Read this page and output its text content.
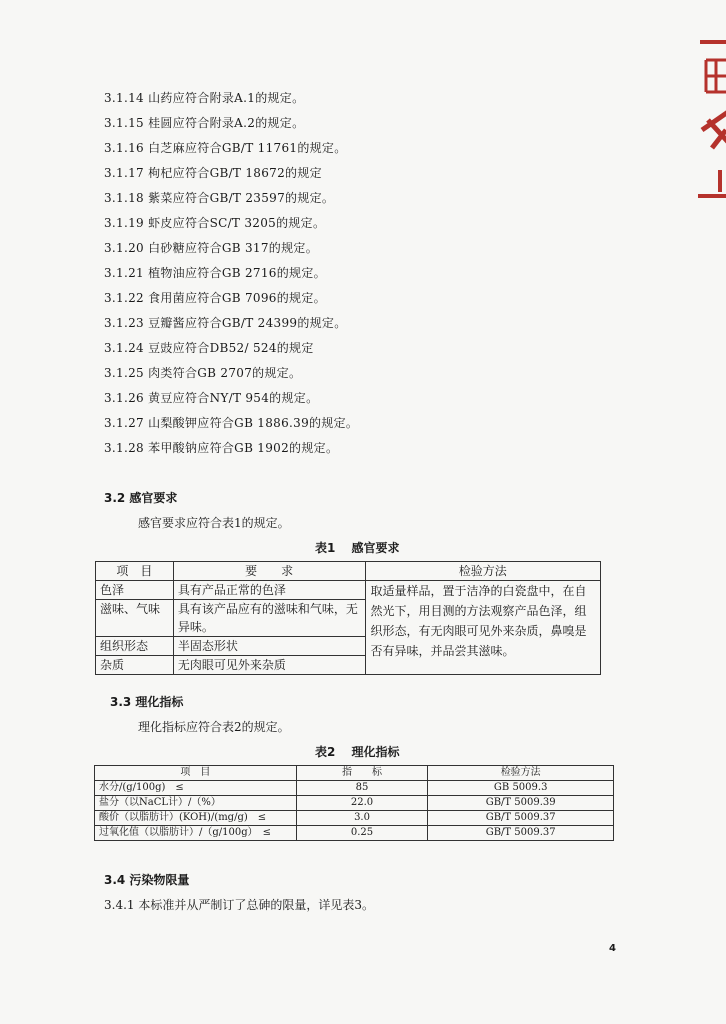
3.1.14 山药应符合附录A.1的规定。
3.1.15 桂圆应符合附录A.2的规定。
3.1.16 白芝麻应符合GB/T 11761的规定。
3.1.17 枸杞应符合GB/T 18672的规定
3.1.18 紫菜应符合GB/T 23597的规定。
3.1.19 虾皮应符合SC/T 3205的规定。
3.1.20 白砂糖应符合GB 317的规定。
3.1.21 植物油应符合GB 2716的规定。
3.1.22 食用菌应符合GB 7096的规定。
3.1.23 豆瓣酱应符合GB/T 24399的规定。
3.1.24 豆豉应符合DB52/ 524的规定
3.1.25 肉类符合GB 2707的规定。
3.1.26 黄豆应符合NY/T 954的规定。
3.1.27 山梨酸钾应符合GB 1886.39的规定。
3.1.28 苯甲酸钠应符合GB 1902的规定。
3.2 感官要求
感官要求应符合表1的规定。
表1　 感官要求
项　目	要　　求	检验方法
色泽	具有产品正常的色泽	取适量样品，置于洁净的白瓷盘中，在自然光下，用目测的方法观察产品色泽，组织形态，有无肉眼可见外来杂质，鼻嗅是否有异味，并品尝其滋味。
滋味、气味	具有该产品应有的滋味和气味，无异味。	
组织形态	半固态形状	
杂质	无肉眼可见外来杂质	
3.3 理化指标
理化指标应符合表2的规定。
表2　 理化指标
项　目	指　　标	检验方法
水分/(g/100g)　≤	85	GB 5009.3
盐分（以NaCL计）/（%）	22.0	GB/T 5009.39
酸价（以脂肪计）(KOH)/(mg/g)　≤	3.0	GB/T 5009.37
过氧化值（以脂肪计）/（g/100g）　≤	0.25	GB/T 5009.37
3.4 污染物限量
3.4.1 本标准并从严制订了总砷的限量，详见表3。
4
